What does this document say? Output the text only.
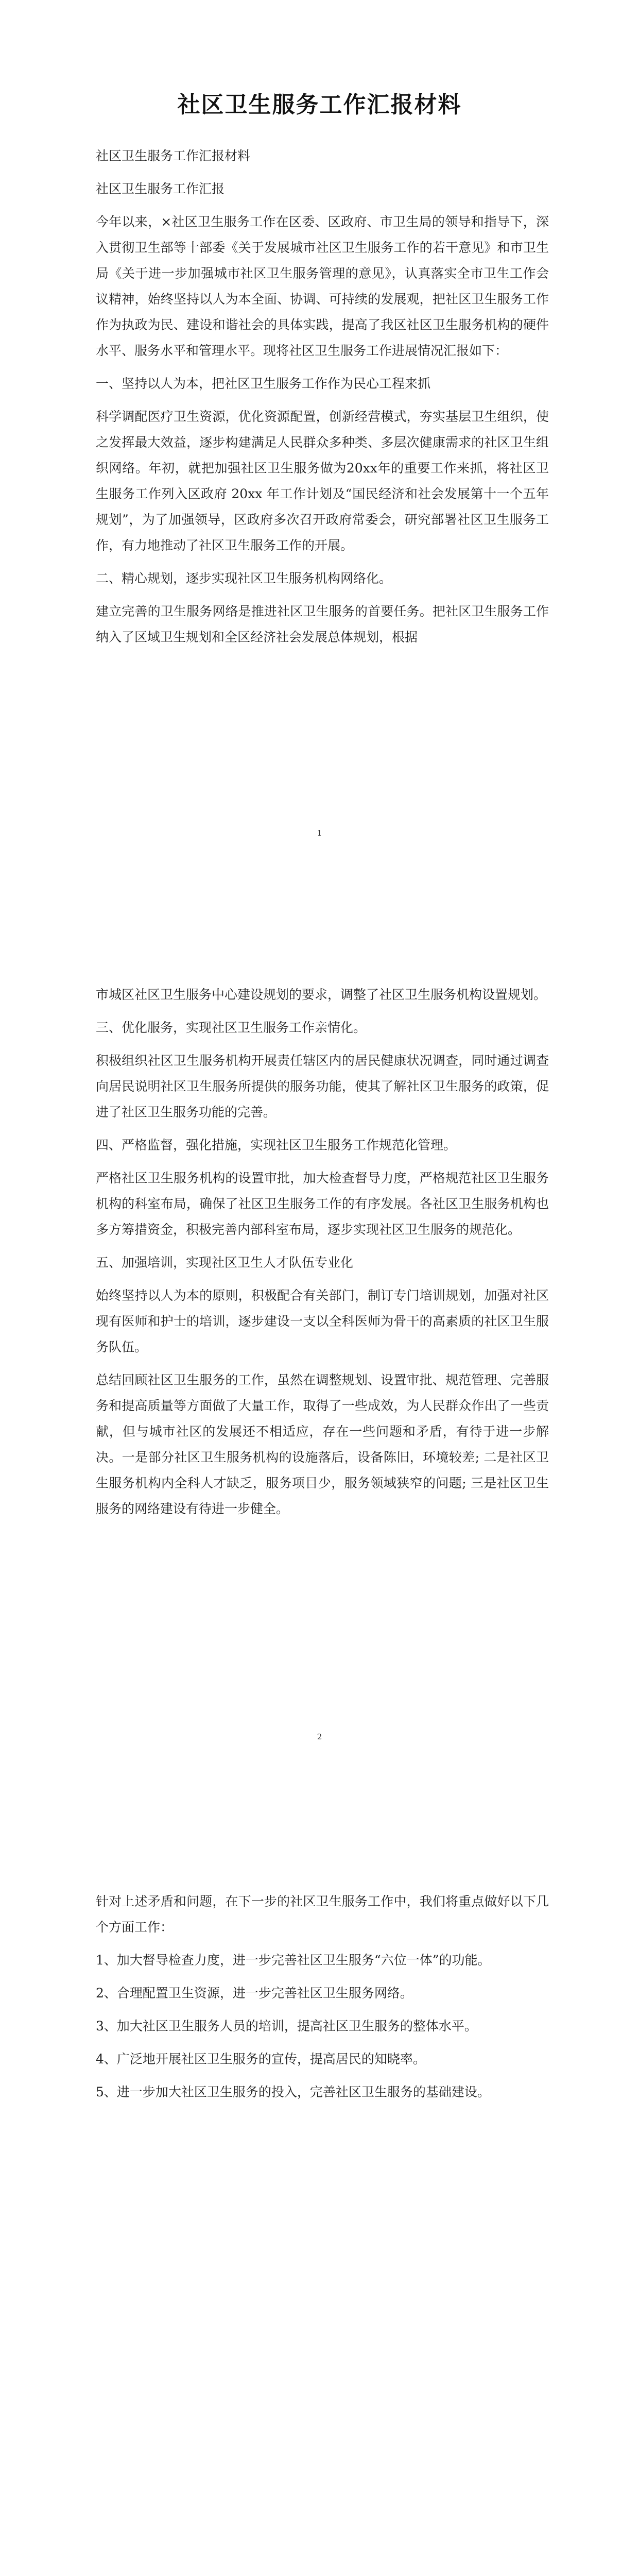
社区卫生服务工作汇报材料

社区卫生服务工作汇报材料

社区卫生服务工作汇报

今年以来，×社区卫生服务工作在区委、区政府、市卫生局的领导和指导下，深入贯彻卫生部等十部委《关于发展城市社区卫生服务工作的若干意见》和市卫生局《关于进一步加强城市社区卫生服务管理的意见》，认真落实全市卫生工作会议精神，始终坚持以人为本全面、协调、可持续的发展观，把社区卫生服务工作作为执政为民、建设和谐社会的具体实践，提高了我区社区卫生服务机构的硬件水平、服务水平和管理水平。现将社区卫生服务工作进展情况汇报如下：

一、坚持以人为本，把社区卫生服务工作作为民心工程来抓

科学调配医疗卫生资源，优化资源配置，创新经营模式，夯实基层卫生组织，使之发挥最大效益，逐步构建满足人民群众多种类、多层次健康需求的社区卫生组织网络。年初，就把加强社区卫生服务做为20xx年的重要工作来抓，将社区卫生服务工作列入区政府 20xx 年工作计划及“国民经济和社会发展第十一个五年规划”，为了加强领导，区政府多次召开政府常委会，研究部署社区卫生服务工作，有力地推动了社区卫生服务工作的开展。

二、精心规划，逐步实现社区卫生服务机构网络化。

建立完善的卫生服务网络是推进社区卫生服务的首要任务。把社区卫生服务工作纳入了区域卫生规划和全区经济社会发展总体规划，根据

1

市城区社区卫生服务中心建设规划的要求，调整了社区卫生服务机构设置规划。

三、优化服务，实现社区卫生服务工作亲情化。

积极组织社区卫生服务机构开展责任辖区内的居民健康状况调查，同时通过调查向居民说明社区卫生服务所提供的服务功能，使其了解社区卫生服务的政策，促进了社区卫生服务功能的完善。

四、严格监督，强化措施，实现社区卫生服务工作规范化管理。

严格社区卫生服务机构的设置审批，加大检查督导力度，严格规范社区卫生服务机构的科室布局，确保了社区卫生服务工作的有序发展。各社区卫生服务机构也多方筹措资金，积极完善内部科室布局，逐步实现社区卫生服务的规范化。

五、加强培训，实现社区卫生人才队伍专业化

始终坚持以人为本的原则，积极配合有关部门，制订专门培训规划，加强对社区现有医师和护士的培训，逐步建设一支以全科医师为骨干的高素质的社区卫生服务队伍。

总结回顾社区卫生服务的工作，虽然在调整规划、设置审批、规范管理、完善服务和提高质量等方面做了大量工作，取得了一些成效，为人民群众作出了一些贡献，但与城市社区的发展还不相适应，存在一些问题和矛盾，有待于进一步解决。一是部分社区卫生服务机构的设施落后，设备陈旧，环境较差; 二是社区卫生服务机构内全科人才缺乏，服务项目少，服务领域狭窄的问题; 三是社区卫生服务的网络建设有待进一步健全。

2

针对上述矛盾和问题，在下一步的社区卫生服务工作中，我们将重点做好以下几个方面工作：

1、加大督导检查力度，进一步完善社区卫生服务“六位一体”的功能。

2、合理配置卫生资源，进一步完善社区卫生服务网络。

3、加大社区卫生服务人员的培训，提高社区卫生服务的整体水平。

4、广泛地开展社区卫生服务的宣传，提高居民的知晓率。

5、进一步加大社区卫生服务的投入，完善社区卫生服务的基础建设。
